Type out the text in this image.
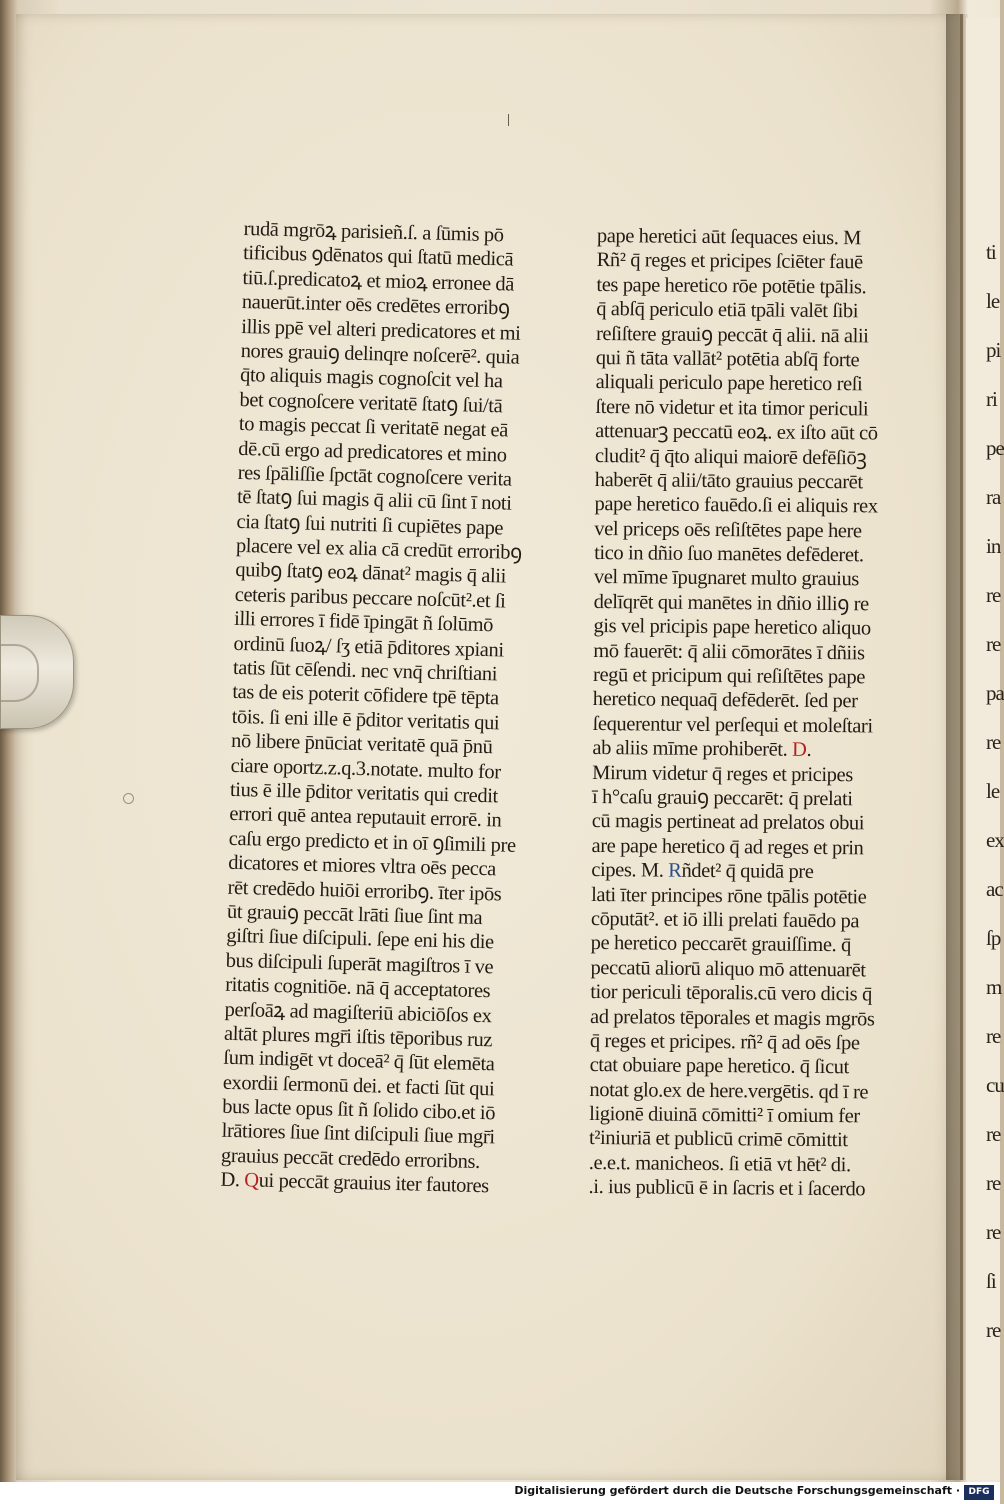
ti
le
pi
ri
pe
ra
in
re
re
pa
re
le
ex
ac
ſp
m
re
cu
re
re
re
ſi
re
rudā mgrōꝝ parisieñ.ſ. a ſūmis pō
tificibus ꝯdēnatos qui ſtatū medicā
tiū.ſ.predicatoꝝ et mioꝝ erronee dā
nauerūt.inter oēs credētes erroribꝯ
illis ppē vel alteri predicatores et mi
nores grauiꝯ delinqre noſcerē². quia
q̄to aliquis magis cognoſcit vel ha
bet cognoſcere veritatē ſtatꝯ ſui/tā
to magis peccat ſi veritatē negat eā
dē.cū ergo ad predicatores et mino
res ſpāliſſie ſpctāt cognoſcere verita
tē ſtatꝯ ſui magis q̄ alii cū ſint ī noti
cia ſtatꝯ ſui nutriti ſi cupiētes pape
placere vel ex alia cā credūt erroribꝯ
quibꝯ ſtatꝯ eoꝝ dānat² magis q̄ alii
ceteris paribus peccare noſcūt².et ſi
illi errores ī fidē īpingāt ñ ſolūmō
ordinū ſuoꝝ/ ſʒ etiā p̄ditores xpiani
tatis ſūt cēſendi. nec vnq̄ chriſtiani
tas de eis poterit cōfidere tpē tēpta
tōis. ſi eni ille ē p̄ditor veritatis qui
nō libere p̄nūciat veritatē quā p̄nū
ciare oportz.z.q.3.notate. multo for
tius ē ille p̄ditor veritatis qui credit
errori quē antea reputauit errorē. in
caſu ergo predicto et in oī ꝯſimili pre
dicatores et miores vltra oēs pecca
rēt credēdo huiōi erroribꝯ. īter ipōs
ūt grauiꝯ peccāt lrāti ſiue ſint ma
giſtri ſiue diſcipuli. ſepe eni his die
bus diſcipuli ſuperāt magiſtros ī ve
ritatis cognitiōe. nā q̄ acceptatores
perſoāꝝ ad magiſteriū abiciōſos ex
altāt plures mgr̄i iſtis tēporibus ruz
ſum indigēt vt doceā² q̄ ſūt elemēta
exordii ſermonū dei. et facti ſūt qui
bus lacte opus ſit ñ ſolido cibo.et iō
lrātiores ſiue ſint diſcipuli ſiue mgr̄i
grauius peccāt credēdo erroribns.
D. Qui peccāt grauius iter fautores
pape heretici aūt ſequaces eius. M
Rñ² q̄ reges et pricipes ſciēter fauē
tes pape heretico rōe potētie tpālis.
q̄ abſq̄ periculo etiā tpāli valēt ſibi
reſiſtere grauiꝯ peccāt q̄ alii. nā alii
qui ñ tāta vallāt² potētia abſq̄ forte
aliquali periculo pape heretico reſi
ſtere nō videtur et ita timor periculi
attenuarꝫ peccatū eoꝝ. ex iſto aūt cō
cludit² q̄ q̄to aliqui maiorē defēſiōꝫ
haberēt q̄ alii/tāto grauius peccarēt
pape heretico fauēdo.ſi ei aliquis rex
vel priceps oēs reſiſtētes pape here
tico in dñio ſuo manētes defēderet.
vel mīme īpugnaret multo grauius
delīqrēt qui manētes in dñio illiꝯ re
gis vel pricipis pape heretico aliquo
mō fauerēt: q̄ alii cōmorātes ī dñiis
regū et pricipum qui reſiſtētes pape
heretico nequaq̄ defēderēt. ſed per
ſequerentur vel perſequi et moleſtari
ab aliis mīme prohiberēt. D.
Mirum videtur q̄ reges et pricipes
ī h°caſu grauiꝯ peccarēt: q̄ prelati
cū magis pertineat ad prelatos obui
are pape heretico q̄ ad reges et prin
cipes. M. Rñdet² q̄ quidā pre
lati īter principes rōne tpālis potētie
cōputāt². et iō illi prelati fauēdo pa
pe heretico peccarēt grauiſſime. q̄
peccatū aliorū aliquo mō attenuarēt
tior periculi tēporalis.cū vero dicis q̄
ad prelatos tēporales et magis mgrōs
q̄ reges et pricipes. rñ² q̄ ad oēs ſpe
ctat obuiare pape heretico. q̄ ſicut
notat glo.ex de here.vergētis. qd ī re
ligionē diuinā cōmitti² ī omium fer
t²iniuriā et publicū crimē cōmittit
.e.e.t. manicheos. ſi etiā vt hēt² di.
.i. ius publicū ē in ſacris et i ſacerdo
Digitalisierung gefördert durch die Deutsche Forschungsgemeinschaft · DFG
